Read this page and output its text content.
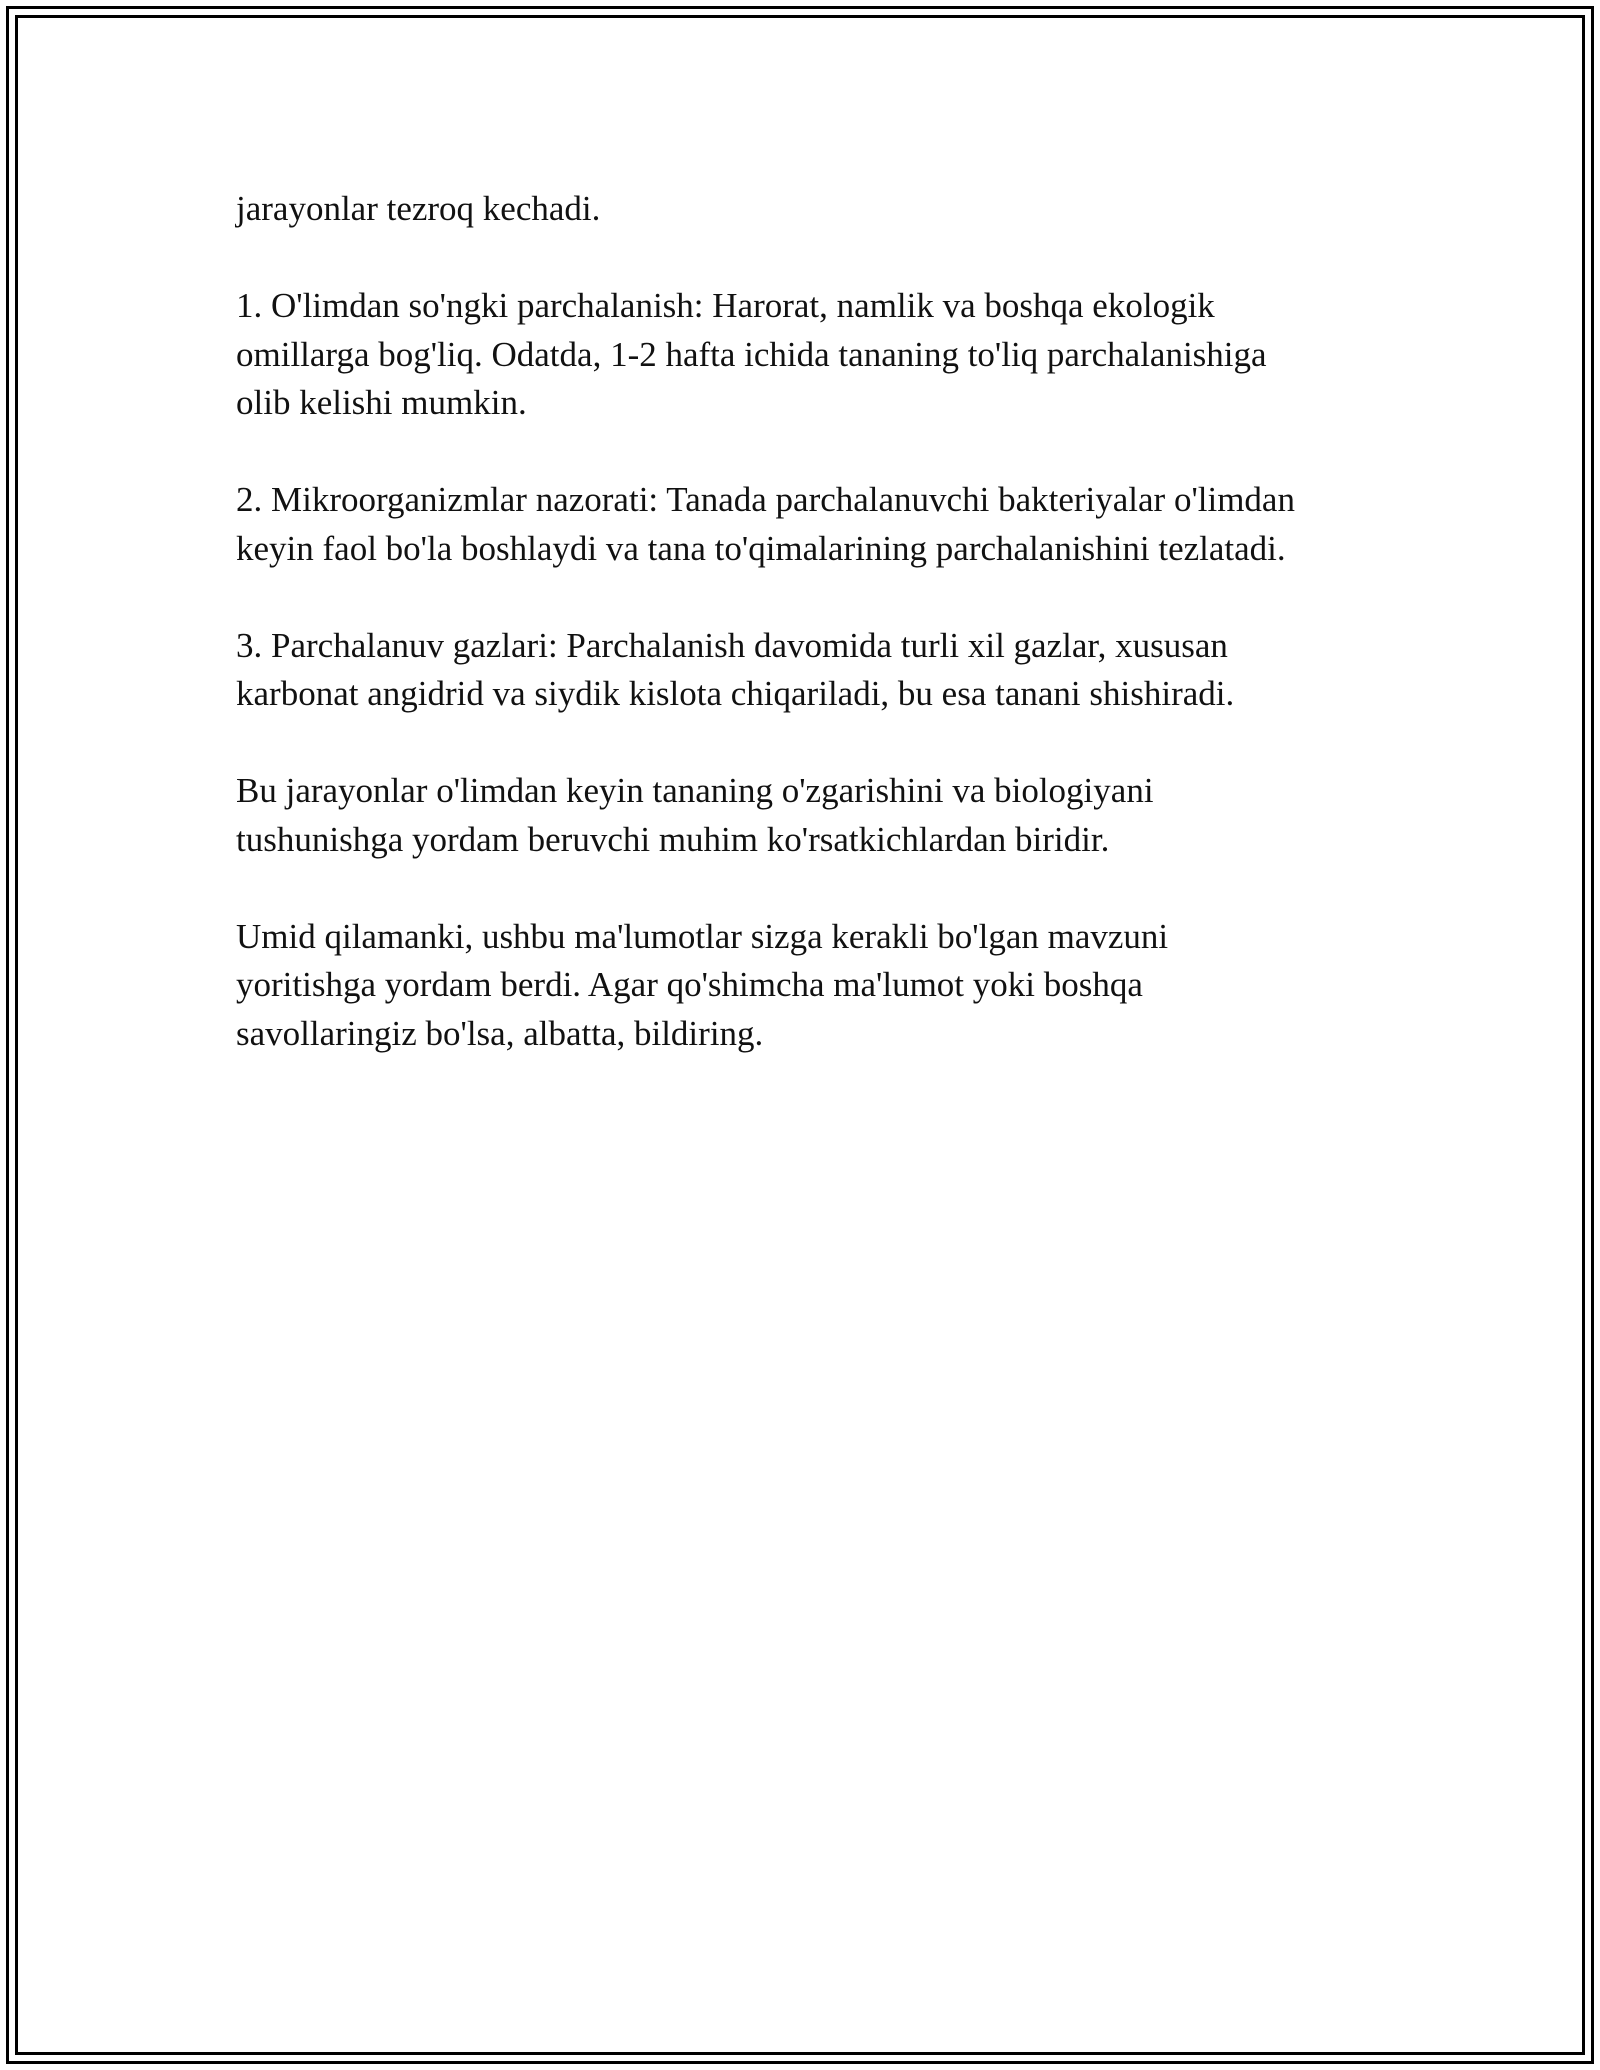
jarayonlar tezroq kechadi.

1. O'limdan so'ngki parchalanish: Harorat, namlik va boshqa ekologik
omillarga bog'liq. Odatda, 1-2 hafta ichida tananing to'liq parchalanishiga
olib kelishi mumkin.

2. Mikroorganizmlar nazorati: Tanada parchalanuvchi bakteriyalar o'limdan
keyin faol bo'la boshlaydi va tana to'qimalarining parchalanishini tezlatadi.

3. Parchalanuv gazlari: Parchalanish davomida turli xil gazlar, xususan
karbonat angidrid va siydik kislota chiqariladi, bu esa tanani shishiradi.

Bu jarayonlar o'limdan keyin tananing o'zgarishini va biologiyani
tushunishga yordam beruvchi muhim ko'rsatkichlardan biridir.

Umid qilamanki, ushbu ma'lumotlar sizga kerakli bo'lgan mavzuni
yoritishga yordam berdi. Agar qo'shimcha ma'lumot yoki boshqa
savollaringiz bo'lsa, albatta, bildiring.
